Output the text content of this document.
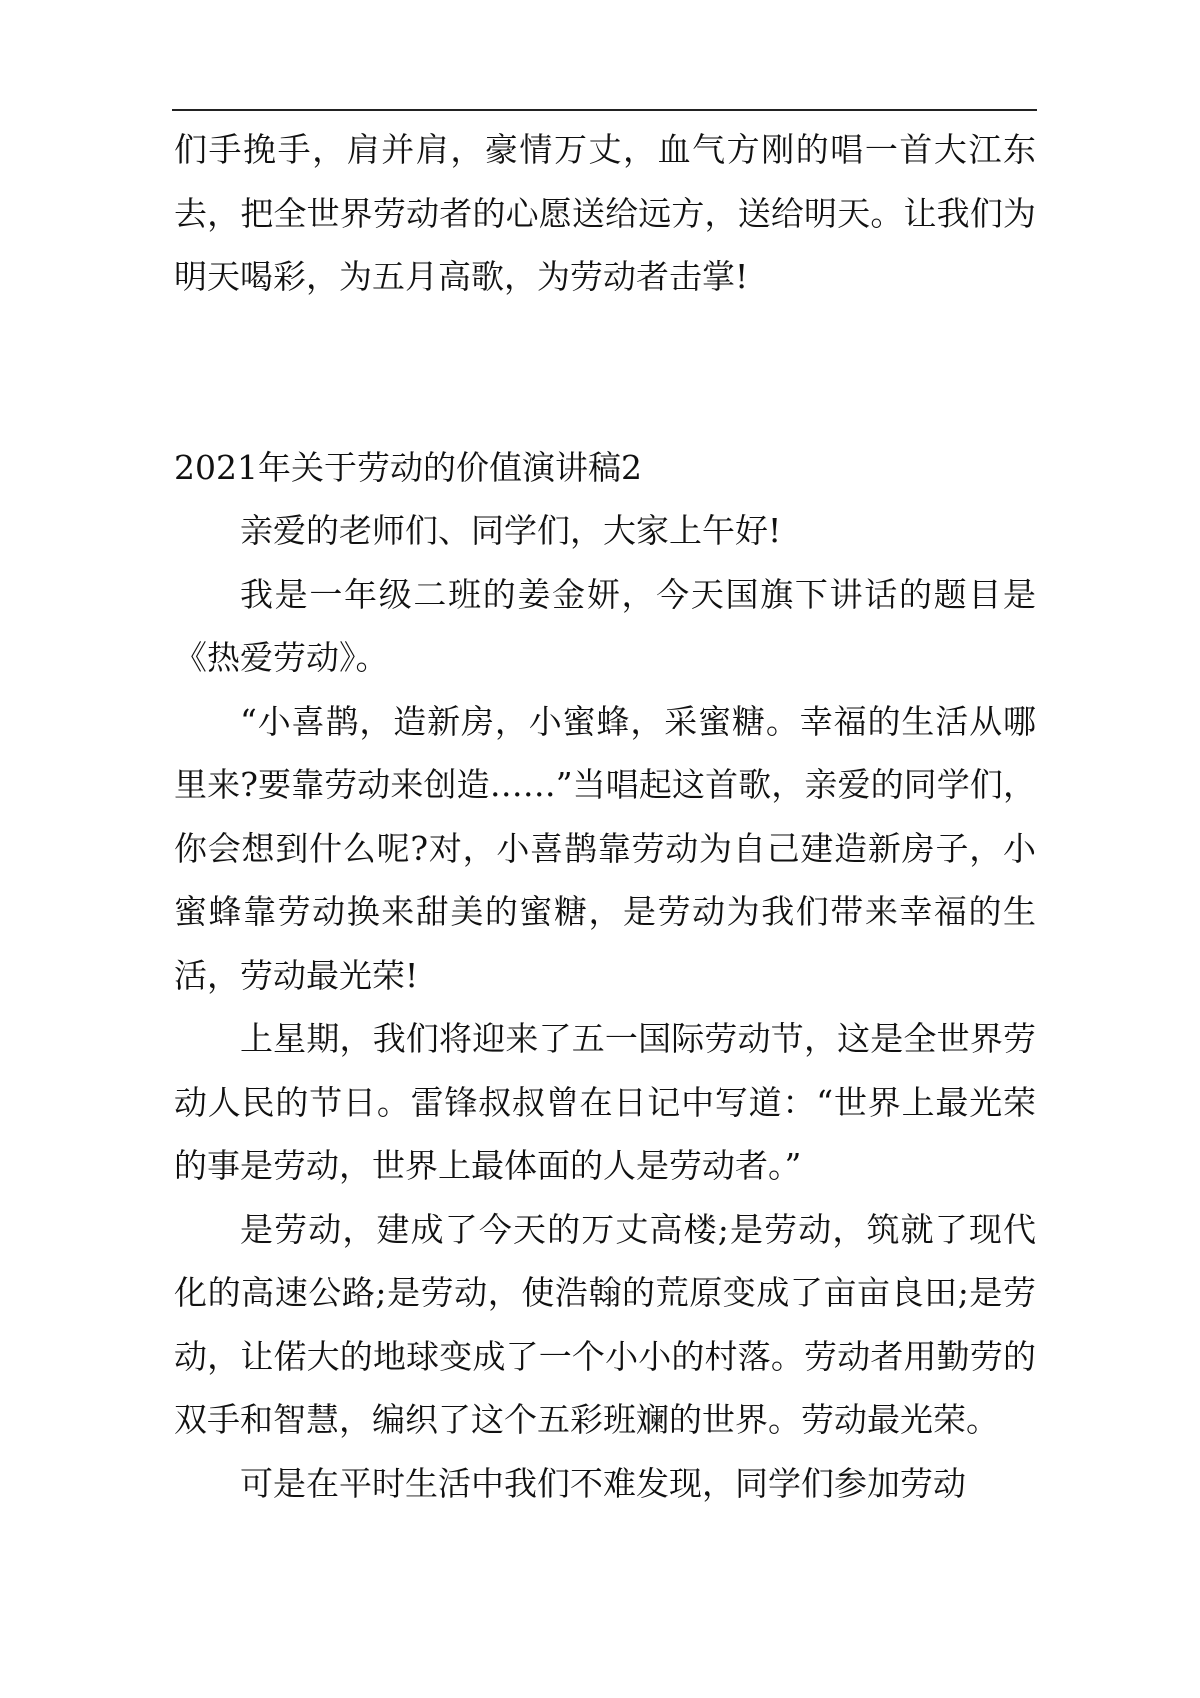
们手挽手，肩并肩，豪情万丈，血气方刚的唱一首大江东去，把全世界劳动者的心愿送给远方，送给明天。让我们为明天喝彩，为五月高歌，为劳动者击掌!

2021年关于劳动的价值演讲稿2

亲爱的老师们、同学们，大家上午好!

我是一年级二班的姜金妍，今天国旗下讲话的题目是《热爱劳动》。

“小喜鹊，造新房，小蜜蜂，采蜜糖。幸福的生活从哪里来?要靠劳动来创造……”当唱起这首歌，亲爱的同学们，你会想到什么呢?对，小喜鹊靠劳动为自己建造新房子，小蜜蜂靠劳动换来甜美的蜜糖，是劳动为我们带来幸福的生活，劳动最光荣!

上星期，我们将迎来了五一国际劳动节，这是全世界劳动人民的节日。雷锋叔叔曾在日记中写道：“世界上最光荣的事是劳动，世界上最体面的人是劳动者。”

是劳动，建成了今天的万丈高楼;是劳动，筑就了现代化的高速公路;是劳动，使浩翰的荒原变成了亩亩良田;是劳动，让偌大的地球变成了一个小小的村落。劳动者用勤劳的双手和智慧，编织了这个五彩班斓的世界。劳动最光荣。

可是在平时生活中我们不难发现，同学们参加劳动
